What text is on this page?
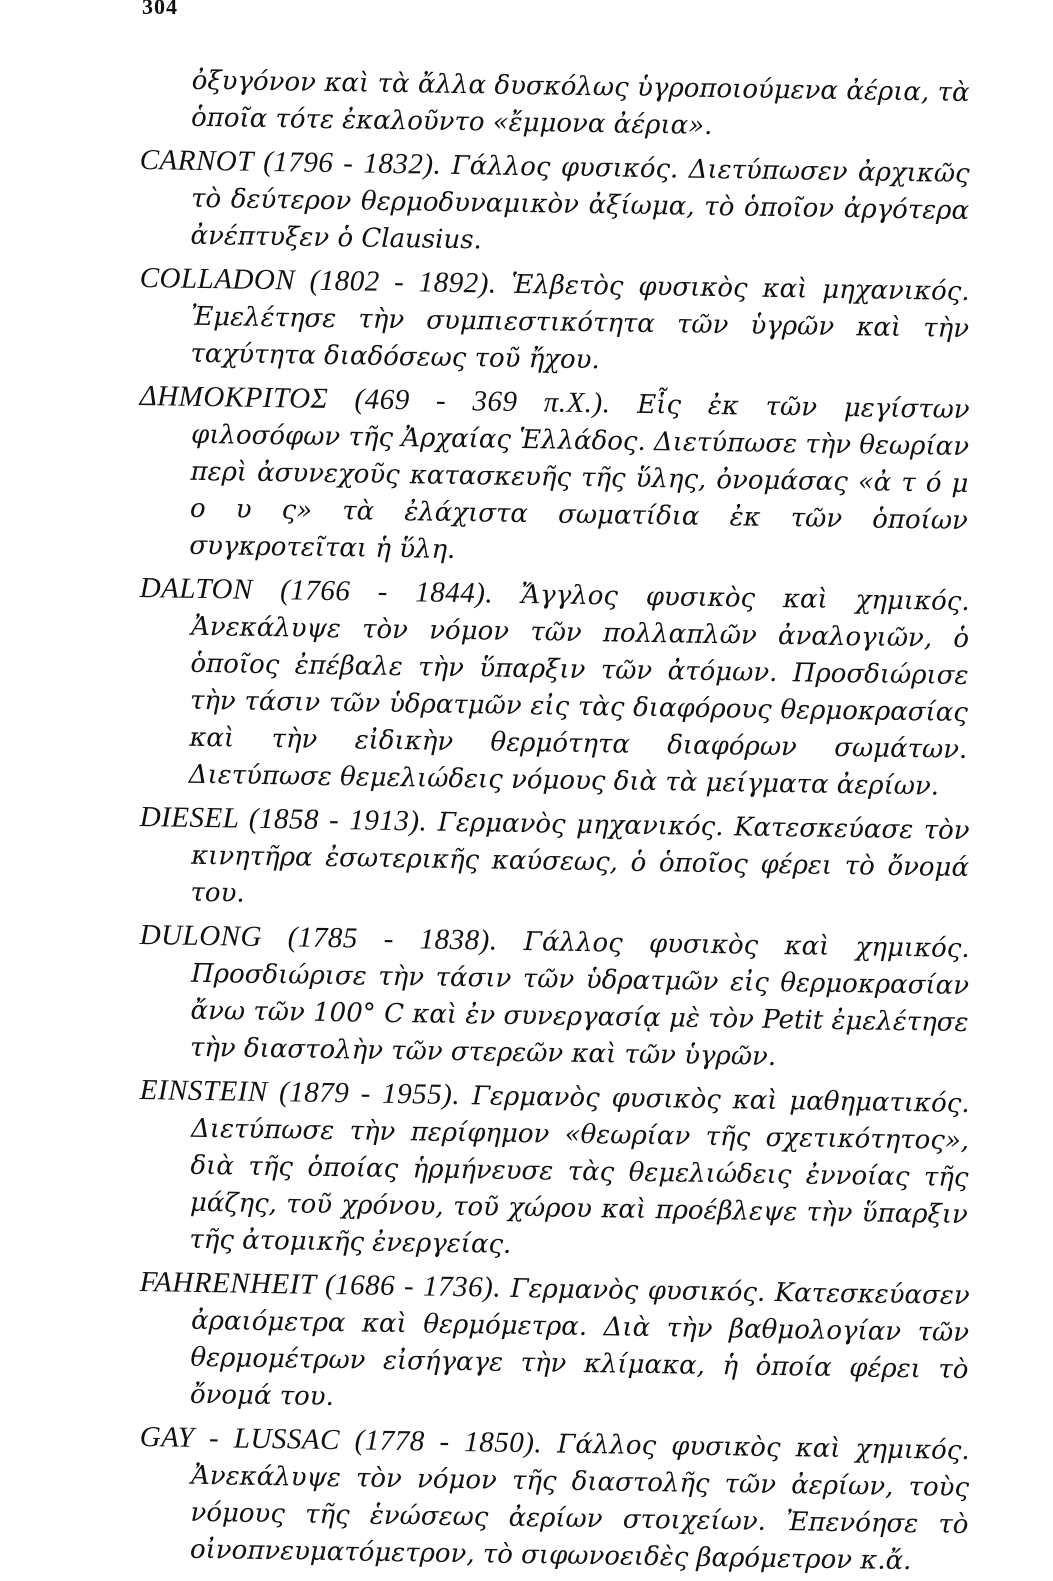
304

ὀξυγόνον καὶ τὰ ἄλλα δυσκόλως ὑγροποιούμενα ἀέρια, τὰ ὁποῖα τότε ἐκαλοῦντο «ἔμμονα ἀέρια».

CARNOT (1796 - 1832). Γάλλος φυσικός. Διετύπωσεν ἀρχικῶς τὸ δεύτερον θερμοδυναμικὸν ἀξίωμα, τὸ ὁποῖον ἀργότερα ἀνέπτυξεν ὁ Clausius.

COLLADON (1802 - 1892). Ἑλβετὸς φυσικὸς καὶ μηχανικός. Ἐμελέτησε τὴν συμπιεστικότητα τῶν ὑγρῶν καὶ τὴν ταχύτητα διαδόσεως τοῦ ἤχου.

ΔΗΜΟΚΡΙΤΟΣ (469 - 369 π.Χ.). Εἷς ἐκ τῶν μεγίστων φιλοσόφων τῆς Ἀρχαίας Ἑλλάδος. Διετύπωσε τὴν θεωρίαν περὶ ἀσυνεχοῦς κατασκευῆς τῆς ὕλης, ὀνομάσας «ἀ τ ό μ ο υ ς» τὰ ἐλάχιστα σωματίδια ἐκ τῶν ὁποίων συγκροτεῖται ἡ ὕλη.

DALTON (1766 - 1844). Ἄγγλος φυσικὸς καὶ χημικός. Ἀνεκάλυψε τὸν νόμον τῶν πολλαπλῶν ἀναλογιῶν, ὁ ὁποῖος ἐπέβαλε τὴν ὕπαρξιν τῶν ἀτόμων. Προσδιώρισε τὴν τάσιν τῶν ὑδρατμῶν εἰς τὰς διαφόρους θερμοκρασίας καὶ τὴν εἰδικὴν θερμότητα διαφόρων σωμάτων. Διετύπωσε θεμελιώδεις νόμους διὰ τὰ μείγματα ἀερίων.

DIESEL (1858 - 1913). Γερμανὸς μηχανικός. Κατεσκεύασε τὸν κινητῆρα ἐσωτερικῆς καύσεως, ὁ ὁποῖος φέρει τὸ ὄνομά του.

DULONG (1785 - 1838). Γάλλος φυσικὸς καὶ χημικός. Προσδιώρισε τὴν τάσιν τῶν ὑδρατμῶν εἰς θερμοκρασίαν ἄνω τῶν 100° C καὶ ἐν συνεργασίᾳ μὲ τὸν Petit ἐμελέτησε τὴν διαστολὴν τῶν στερεῶν καὶ τῶν ὑγρῶν.

EINSTEIN (1879 - 1955). Γερμανὸς φυσικὸς καὶ μαθηματικός. Διετύπωσε τὴν περίφημον «θεωρίαν τῆς σχετικότητος», διὰ τῆς ὁποίας ἡρμήνευσε τὰς θεμελιώδεις ἐννοίας τῆς μάζης, τοῦ χρόνου, τοῦ χώρου καὶ προέβλεψε τὴν ὕπαρξιν τῆς ἀτομικῆς ἐνεργείας.

FAHRENHEIT (1686 - 1736). Γερμανὸς φυσικός. Κατεσκεύασεν ἀραιόμετρα καὶ θερμόμετρα. Διὰ τὴν βαθμολογίαν τῶν θερμομέτρων εἰσήγαγε τὴν κλίμακα, ἡ ὁποία φέρει τὸ ὄνομά του.

GAY - LUSSAC (1778 - 1850). Γάλλος φυσικὸς καὶ χημικός. Ἀνεκάλυψε τὸν νόμον τῆς διαστολῆς τῶν ἀερίων, τοὺς νόμους τῆς ἑνώσεως ἀερίων στοιχείων. Ἐπενόησε τὸ οἰνοπνευματόμετρον, τὸ σιφωνοειδὲς βαρόμετρον κ.ἄ.
